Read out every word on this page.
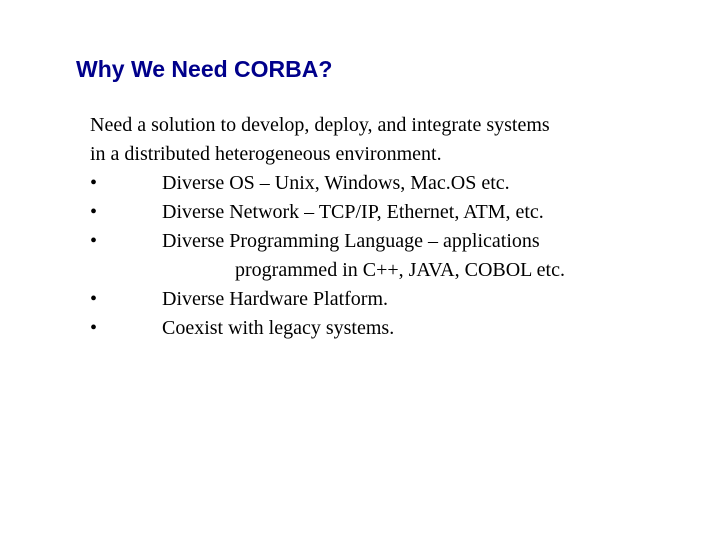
Why We Need CORBA?
Need a solution to develop, deploy, and integrate systems
in a distributed heterogeneous environment.
•	Diverse OS – Unix, Windows, Mac.OS etc.
•	Diverse Network – TCP/IP, Ethernet, ATM, etc.
•	Diverse Programming Language – applications
programmed in C++, JAVA, COBOL etc.
•	Diverse Hardware Platform.
•	Coexist with legacy systems.
